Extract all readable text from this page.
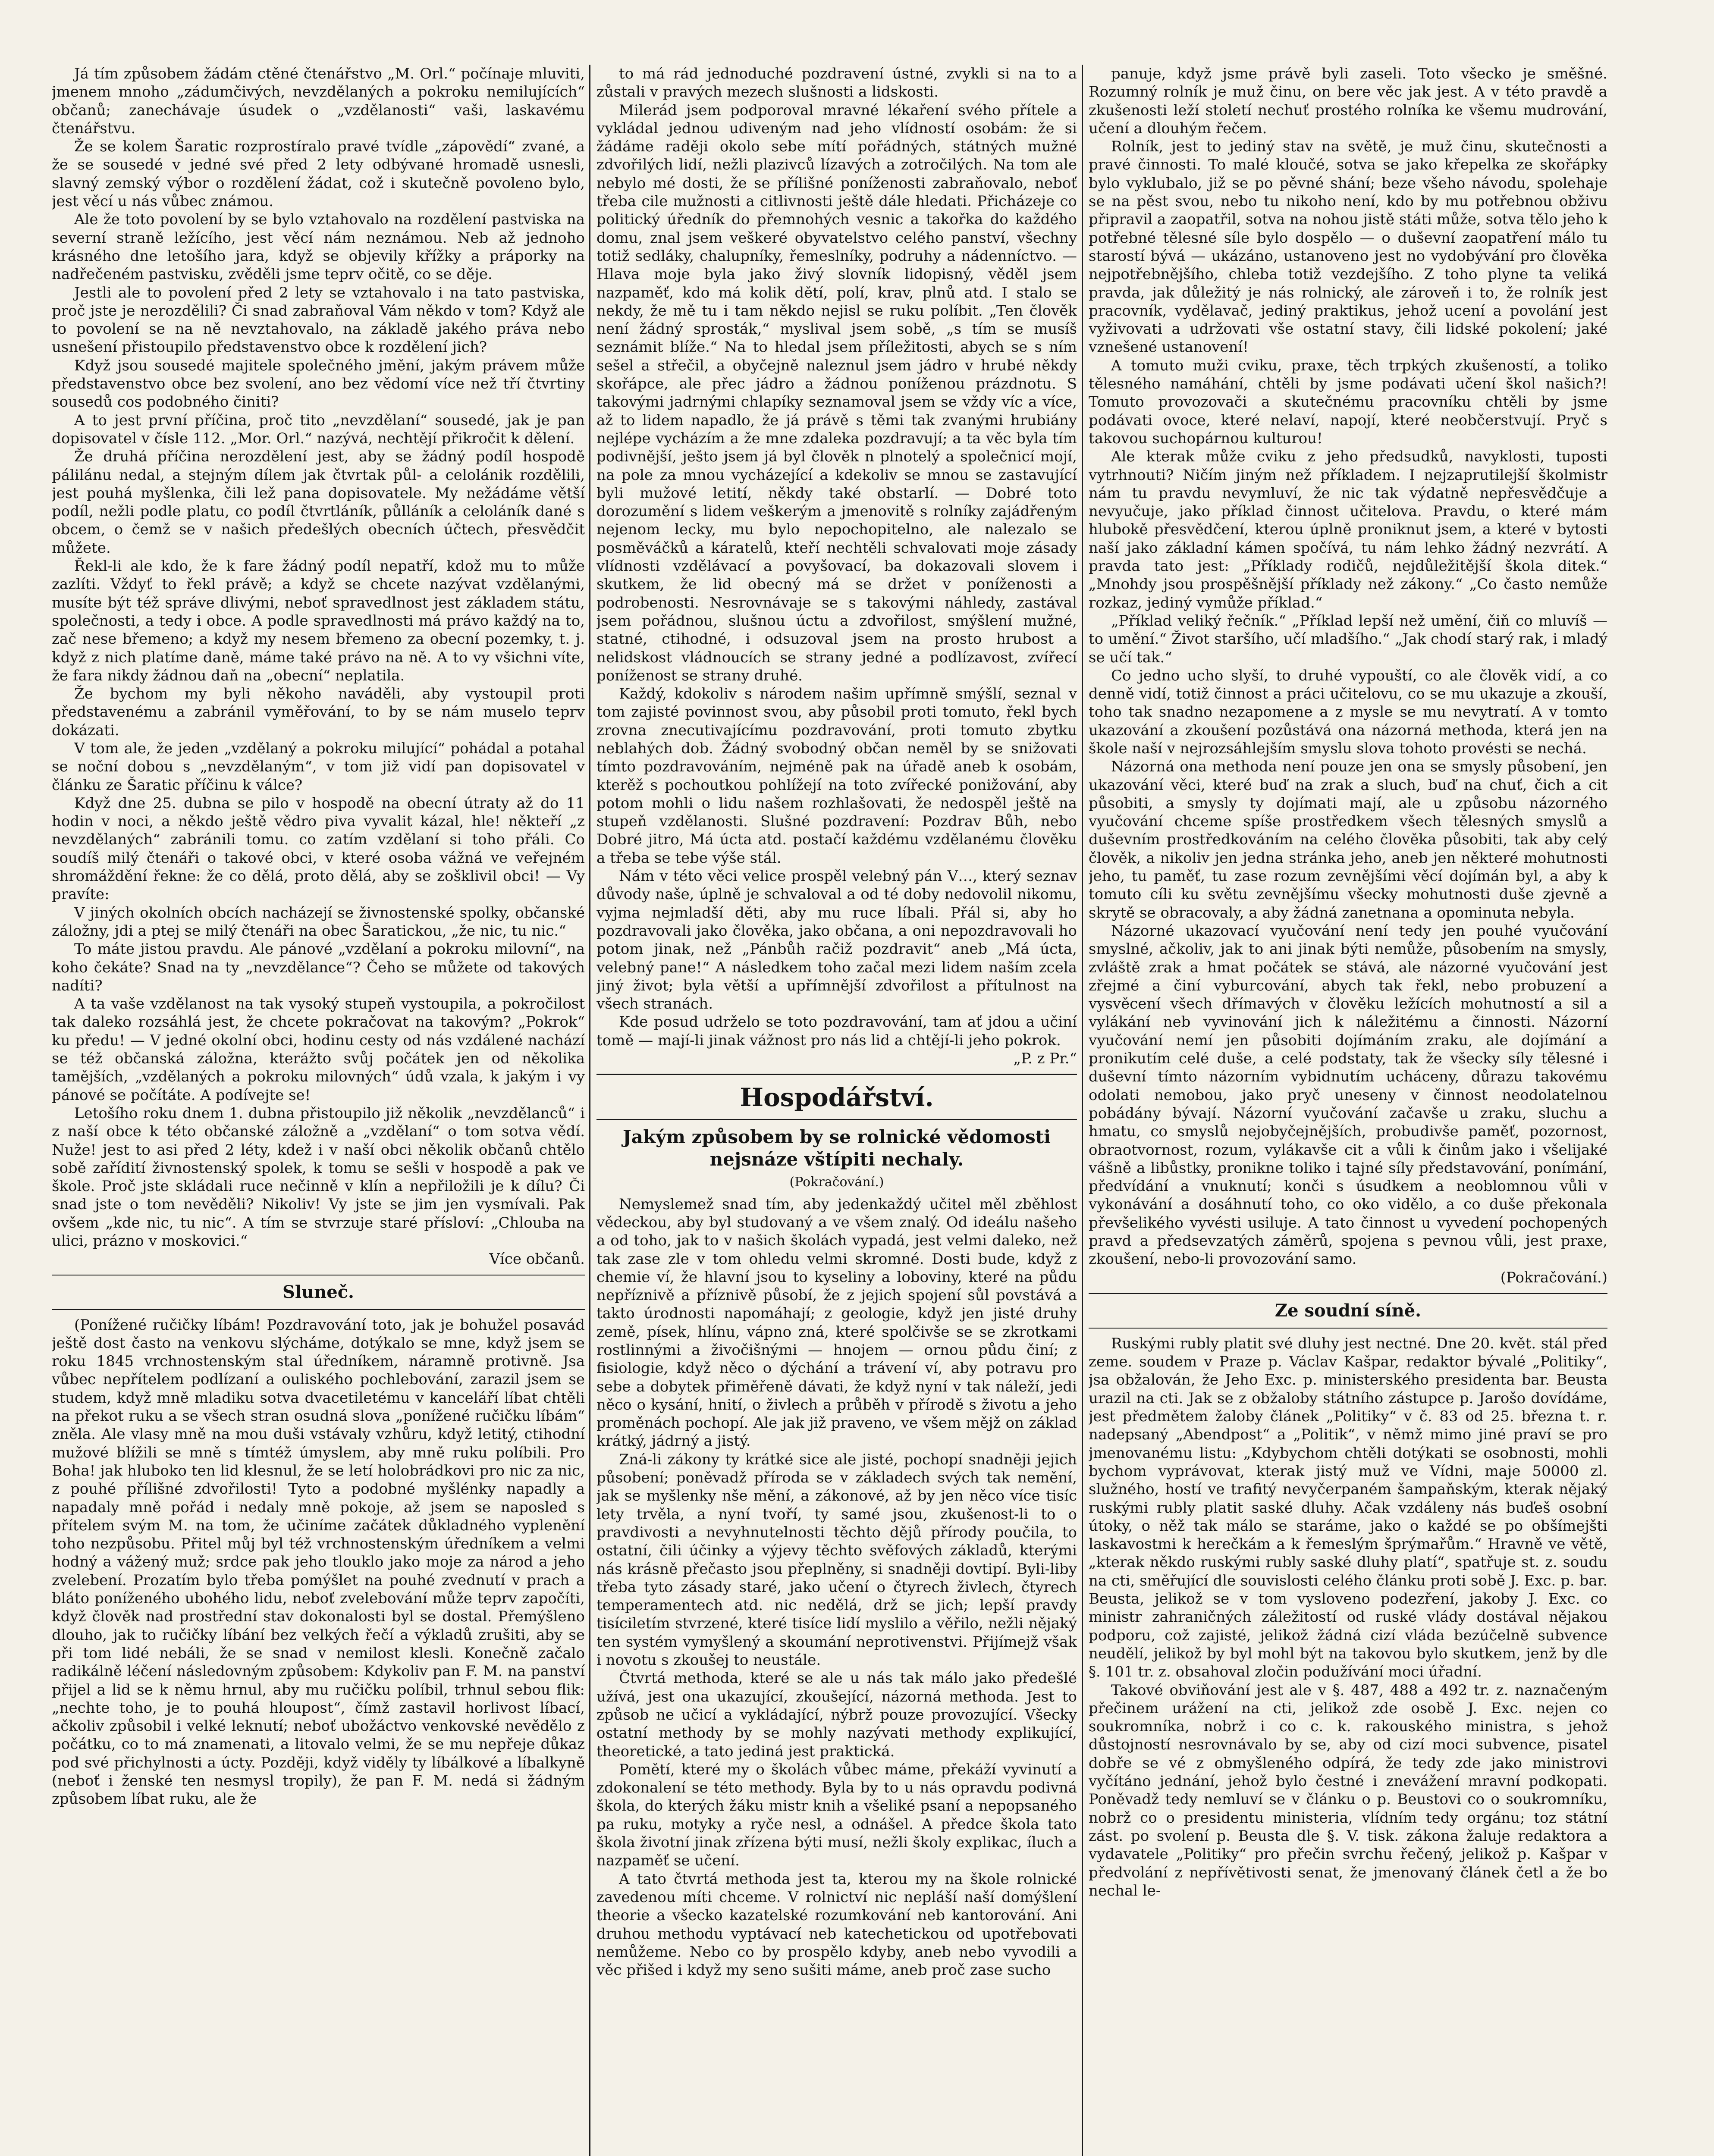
Já tím způsobem žádám ctěné čtenářstvo „M. Orl.“ počínaje mluviti, jmenem mnoho „zádumčivých, nevzdělaných a pokroku nemilujících“ občanů; zanechávaje úsudek o „vzdělanosti“ vaši, laskavému čtenářstvu.

Že se kolem Šaratic rozprostíralo pravé tvídle „zápovědí“ zvané, a že se sousedé v jedné své před 2 lety odbývané hromadě usnesli, slavný zemský výbor o rozdělení žádat, což i skutečně povoleno bylo, jest věcí u nás vůbec známou.

Ale že toto povolení by se bylo vztahovalo na rozdělení pastviska na severní straně ležícího, jest věcí nám neznámou. Neb až jednoho krásného dne letošího jara, když se objevily křížky a práporky na nadřečeném pastvisku, zvěděli jsme teprv očitě, co se děje.

Jestli ale to povolení před 2 lety se vztahovalo i na tato pastviska, proč jste je nerozdělili? Či snad zabraňoval Vám někdo v tom? Když ale to povolení se na ně nevztahovalo, na základě jakého práva nebo usnešení přistoupilo představenstvo obce k rozdělení jich?

Když jsou sousedé majitele společného jmění, jakým právem může představenstvo obce bez svolení, ano bez vědomí více než tří čtvrtiny sousedů cos podobného činiti?

A to jest první příčina, proč tito „nevzdělaní“ sousedé, jak je pan dopisovatel v čísle 112. „Mor. Orl.“ nazývá, nechtějí přikročit k dělení.

Že druhá příčina nerozdělení jest, aby se žádný podíl hospodě pálilánu nedal, a stejným dílem jak čtvrtak půl- a celolánik rozdělili, jest pouhá myšlenka, čili lež pana dopisovatele. My nežádáme větší podíl, nežli podle platu, co podíl čtvrtláník, půlláník a celoláník dané s obcem, o čemž se v našich předešlých obecních účtech, přesvědčit můžete.

Řekl-li ale kdo, že k fare žádný podíl nepatří, kdož mu to může zazlíti. Vždyť to řekl právě; a když se chcete nazývat vzdělanými, musíte být též správe dlivými, neboť spravedlnost jest základem státu, společnosti, a tedy i obce. A podle spravedlnosti má právo každý na to, zač nese břemeno; a když my nesem břemeno za obecní pozemky, t. j. když z nich platíme daně, máme také právo na ně. A to vy všichni víte, že fara nikdy žádnou daň na „obecní“ neplatila.

Že bychom my byli někoho naváděli, aby vystoupil proti představenému a zabránil vyměřování, to by se nám muselo teprv dokázati.

V tom ale, že jeden „vzdělaný a pokroku milující“ pohádal a potahal se noční dobou s „nevzdělaným“, v tom již vidí pan dopisovatel v článku ze Šaratic příčinu k válce?

Když dne 25. dubna se pilo v hospodě na obecní útraty až do 11 hodin v noci, a někdo ještě vědro piva vyvalit kázal, hle! někteří „z nevzdělaných“ zabránili tomu. co zatím vzdělaní si toho přáli. Co soudíš milý čtenáři o takové obci, v které osoba vážná ve veřejném shromáždění řekne: že co dělá, proto dělá, aby se zošklivil obci! — Vy pravíte:

V jiných okolních obcích nacházejí se živnostenské spolky, občanské záložny, jdi a ptej se milý čtenáři na obec Šaratickou, „že nic, tu nic.“

To máte jistou pravdu. Ale pánové „vzdělaní a pokroku milovní“, na koho čekáte? Snad na ty „nevzdělance“? Čeho se můžete od takových nadíti?

A ta vaše vzdělanost na tak vysoký stupeň vystoupila, a pokročilost tak daleko rozsáhlá jest, že chcete pokračovat na takovým? „Pokrok“ ku předu! — V jedné okolní obci, hodinu cesty od nás vzdálené nachází se též občanská záložna, kterážto svůj počátek jen od několika tamějších, „vzdělaných a pokroku milovných“ údů vzala, k jakým i vy pánové se počítáte. A podívejte se!

Letošího roku dnem 1. dubna přistoupilo již několik „nevzdělanců“ i z naší obce k této občanské záložně a „vzdělaní“ o tom sotva vědí. Nuže! jest to asi před 2 léty, kdež i v naší obci několik občanů chtělo sobě zařídití živnostenský spolek, k tomu se sešli v hospodě a pak ve škole. Proč jste skládali ruce nečinně v klín a nepřiložili je k dílu? Či snad jste o tom nevěděli? Nikoliv! Vy jste se jim jen vysmívali. Pak ovšem „kde nic, tu nic“. A tím se stvrzuje staré přísloví: „Chlouba na ulici, prázno v moskovici.“

Více občanů.

Sluneč.

(Ponížené ručičky líbám! Pozdravování toto, jak je bohužel posavád ještě dost často na venkovu slýcháme, dotýkalo se mne, když jsem se roku 1845 vrchnostenským stal úředníkem, náramně protivně. Jsa vůbec nepřítelem podlízaní a ouliského pochlebování, zarazil jsem se studem, když mně mladiku sotva dvacetiletému v kanceláří líbat chtěli na překot ruku a se všech stran osudná slova „ponížené ručičku líbám“ zněla. Ale vlasy mně na mou duši vstávaly vzhůru, když letitý, ctihodní mužové blížili se mně s tímtéž úmyslem, aby mně ruku políbili. Pro Boha! jak hluboko ten lid klesnul, že se letí holobrádkovi pro nic za nic, z pouhé přílišné zdvořilosti! Tyto a podobné myšlénky napadly a napadaly mně pořád i nedaly mně pokoje, až jsem se naposled s přítelem svým M. na tom, že učiníme začátek důkladného vyplenění toho nezpůsobu. Přitel můj byl též vrchnostenským úředníkem a velmi hodný a vážený muž; srdce pak jeho tlouklo jako moje za národ a jeho zvelebení. Prozatím bylo třeba pomýšlet na pouhé zvednutí v prach a bláto poníženého ubohého lidu, neboť zvelebování může teprv započíti, když člověk nad prostřední stav dokonalosti byl se dostal. Přemýšleno dlouho, jak to ručičky líbání bez velkých řečí a výkladů zrušiti, aby se při tom lidé nebáli, že se snad v nemilost klesli. Konečně začalo radikálně léčení následovným způsobem: Kdykoliv pan F. M. na panství přijel a lid se k němu hrnul, aby mu ručičku políbil, trhnul sebou flik: „nechte toho, je to pouhá hloupost“, čímž zastavil horlivost líbací, ačkoliv způsobil i velké leknutí; neboť ubožáctvo venkovské nevědělo z počátku, co to má znamenati, a litovalo velmi, že se mu nepřeje důkaz pod své přichylnosti a úcty. Později, když viděly ty líbálkové a líbalkyně (neboť i ženské ten nesmysl tropily), že pan F. M. nedá si žádným způsobem líbat ruku, ale že

to má rád jednoduché pozdravení ústné, zvykli si na to a zůstali v pravých mezech slušnosti a lidskosti.

Milerád jsem podporoval mravné lékaření svého přítele a vykládal jednou udiveným nad jeho vlídností osobám: že si žádáme raději okolo sebe mítí pořádných, státných mužné zdvořilých lidí, nežli plazivců lízavých a zotročilých. Na tom ale nebylo mé dosti, že se přílišné poníženosti zabraňovalo, neboť třeba cile mužnosti a citlivnosti ještě dále hledati. Přicházeje co politický úředník do přemnohých vesnic a takořka do každého domu, znal jsem veškeré obyvatelstvo celého panství, všechny totiž sedláky, chalupníky, řemeslníky, podruhy a nádenníctvo. — Hlava moje byla jako živý slovník lidopisný, věděl jsem nazpaměť, kdo má kolik dětí, polí, krav, plnů atd. I stalo se nekdy, že mě tu i tam někdo nejisl se ruku políbit. „Ten člověk není žádný sprosták,“ myslival jsem sobě, „s tím se musíš seznámit blíže.“ Na to hledal jsem příležitosti, abych se s ním sešel a střečil, a obyčejně naleznul jsem jádro v hrubé někdy skořápce, ale přec jádro a žádnou poníženou prázdnotu. S takovými jadrnými chlapíky seznamoval jsem se vždy víc a více, až to lidem napadlo, že já právě s těmi tak zvanými hrubiány nejlépe vycházím a že mne zdaleka pozdravují; a ta věc byla tím podivnější, ješto jsem já byl člověk n plnotelý a společnicí mojí, na pole za mnou vycházející a kdekoliv se mnou se zastavující byli mužové letití, někdy také obstarlí. — Dobré toto dorozumění s lidem veškerým a jmenovitě s rolníky zajádřeným nejenom lecky, mu bylo nepochopitelno, ale nalezalo se posměváčků a káratelů, kteří nechtěli schvalovati moje zásady vlídnosti vzdělávací a povyšovací, ba dokazovali slovem i skutkem, že lid obecný má se držet v poníženosti a podrobenosti. Nesrovnávaje se s takovými náhledy, zastával jsem pořádnou, slušnou úctu a zdvořilost, smýšlení mužné, statné, ctihodné, i odsuzoval jsem na prosto hrubost a nelidskost vládnoucích se strany jedné a podlízavost, zvířecí poníženost se strany druhé.

Každý, kdokoliv s národem našim upřímně smýšlí, seznal v tom zajisté povinnost svou, aby působil proti tomuto, řekl bych zrovna znecutivajícímu pozdravování, proti tomuto zbytku neblahých dob. Žádný svobodný občan neměl by se snižovati tímto pozdravováním, nejméně pak na úřadě aneb k osobám, kterěž s pochoutkou pohlížejí na toto zvířecké ponižování, aby potom mohli o lidu našem rozhlašovati, že nedospěl ještě na stupeň vzdělanosti. Slušné pozdravení: Pozdrav Bůh, nebo Dobré jitro, Má úcta atd. postačí každému vzdělanému člověku a třeba se tebe výše stál.

Nám v této věci velice prospěl velebný pán V…, který seznav důvody naše, úplně je schvaloval a od té doby nedovolil nikomu, vyjma nejmladší děti, aby mu ruce líbali. Přál si, aby ho pozdravovali jako člověka, jako občana, a oni nepozdravovali ho potom jinak, než „Pánbůh račiž pozdravit“ aneb „Má úcta, velebný pane!“ A následkem toho začal mezi lidem naším zcela jiný život; byla větší a upřímnější zdvořilost a přítulnost na všech stranách.

Kde posud udrželo se toto pozdravování, tam ať jdou a učiní tomě — mají-li jinak vážnost pro nás lid a chtějí-li jeho pokrok.

„P. z Pr.“

Hospodářství.

Jakým způsobem by se rolnické vědomosti nejsnáze vštípiti nechaly.

(Pokračování.)

Nemyslemež snad tím, aby jedenkaždý učitel měl zběhlost vědeckou, aby byl studovaný a ve všem znalý. Od ideálu našeho a od toho, jak to v našich školách vypadá, jest velmi daleko, než tak zase zle v tom ohledu velmi skromné. Dosti bude, když z chemie ví, že hlavní jsou to kyseliny a loboviny, které na půdu nepříznivě a příznivě působí, že z jejich spojení sůl povstává a takto úrodnosti napomáhají; z geologie, když jen jisté druhy země, písek, hlínu, vápno zná, které spolčivše se se zkrotkami rostlinnými a živočišnými — hnojem — ornou půdu činí; z fisiologie, když něco o dýchání a trávení ví, aby potravu pro sebe a dobytek přiměřeně dávati, že když nyní v tak náleží, jedi něco o kysání, hnití, o živlech a průběh v přírodě s životu a jeho proměnách pochopí. Ale jak již praveno, ve všem mějž on základ krátký, jádrný a jistý.

Zná-li zákony ty krátké sice ale jisté, pochopí snadněji jejich působení; poněvadž příroda se v základech svých tak nemění, jak se myšlenky nše mění, a zákonové, až by jen něco více tisíc lety trvěla, a nyní tvoří, ty samé jsou, zkušenost-li to o pravdivosti a nevyhnutelnosti těchto dějů přírody poučila, to ostatní, čili účinky a výjevy těchto svěfových základů, kterými nás krásně přečasto jsou přeplněny, si snadněji dovtipí. Byli-liby třeba tyto zásady staré, jako učení o čtyrech živlech, čtyrech temperamentech atd. nic nedělá, drž se jich; lepší pravdy tisíciletím stvrzené, které tisíce lidí myslilo a věřilo, nežli nějaký ten systém vymyšlený a skoumání neprotivenstvi. Přijímejž však i novotu s zkoušej to neustále.

Čtvrtá methoda, které se ale u nás tak málo jako předešlé užívá, jest ona ukazující, zkoušející, názorná methoda. Jest to způsob ne učicí a vykládající, nýbrž pouze provozující. Všecky ostatní methody by se mohly nazývati methody explikující, theoretické, a tato jediná jest praktická.

Pomětí, které my o školách vůbec máme, překáží vyvinutí a zdokonalení se této methody. Byla by to u nás opravdu podivná škola, do kterých žáku mistr knih a všeliké psaní a nepopsaného pa ruku, motyky a ryče nesl, a odnášel. A předce škola tato škola životní jinak zřízena býti musí, nežli školy explikac, íluch a nazpaměť se učení.

A tato čtvrtá methoda jest ta, kterou my na škole rolnické zavedenou míti chceme. V rolnictví nic nepláší naší domýšlení theorie a všecko kazatelské rozumkování neb kantorování. Ani druhou methodu vyptávací neb katechetickou od upotřebovati nemůžeme. Nebo co by prospělo kdyby, aneb nebo vyvodili a věc přišed i když my seno sušiti máme, aneb proč zase sucho

panuje, když jsme právě byli zaseli. Toto všecko je směšné. Rozumný rolník je muž činu, on bere věc jak jest. A v této pravdě a zkušenosti leží století nechuť prostého rolníka ke všemu mudrování, učení a dlouhým řečem.

Rolník, jest to jediný stav na světě, je muž činu, skutečnosti a pravé činnosti. To malé kloučé, sotva se jako křepelka ze skořápky bylo vyklubalo, již se po pěvné shání; beze všeho návodu, spolehaje se na pěst svou, nebo tu nikoho není, kdo by mu potřebnou obživu připravil a zaopatřil, sotva na nohou jistě státi může, sotva tělo jeho k potřebné tělesné síle bylo dospělo — o duševní zaopatření málo tu starostí bývá — ukázáno, ustanoveno jest no vydobývání pro člověka nejpotřebnějšího, chleba totiž vezdejšího. Z toho plyne ta veliká pravda, jak důležitý je nás rolnický, ale zároveň i to, že rolník jest pracovník, vydělavač, jediný praktikus, jehož ucení a povolání jest vyživovati a udržovati vše ostatní stavy, čili lidské pokolení; jaké vznešené ustanovení!

A tomuto muži cviku, praxe, těch trpkých zkušeností, a toliko tělesného namáhání, chtěli by jsme podávati učení škol našich?! Tomuto provozovači a skutečnému pracovníku chtěli by jsme podávati ovoce, které nelaví, napojí, které neobčerstvují. Pryč s takovou suchopárnou kulturou!

Ale kterak může cviku z jeho předsudků, navyklosti, tuposti vytrhnouti? Ničím jiným než příkladem. I nejzaprutilejší školmistr nám tu pravdu nevymluví, že nic tak výdatně nepřesvědčuje a nevyučuje, jako příklad činnost učitelova. Pravdu, o které mám hlubokě přesvědčení, kterou úplně proniknut jsem, a které v bytosti naší jako základní kámen spočívá, tu nám lehko žádný nezvrátí. A pravda tato jest: „Příklady rodičů, nejdůležitější škola ditek.“ „Mnohdy jsou prospěšnější příklady než zákony.“ „Co často nemůže rozkaz, jediný vymůže příklad.“

„Příklad veliký řečník.“ „Příklad lepší než umění, čiň co mluvíš — to umění.“ Život staršího, učí mladšího.“ „Jak chodí starý rak, i mladý se učí tak.“

Co jedno ucho slyší, to druhé vypouští, co ale člověk vidí, a co denně vidí, totiž činnost a práci učitelovu, co se mu ukazuje a zkouší, toho tak snadno nezapomene a z mysle se mu nevytratí. A v tomto ukazování a zkoušení pozůstává ona názorná methoda, která jen na škole naší v nejrozsáhlejším smyslu slova tohoto provésti se nechá.

Názorná ona methoda není pouze jen ona se smysly působení, jen ukazování věci, které buď na zrak a sluch, buď na chuť, čich a cit působiti, a smysly ty dojímati mají, ale u způsobu názorného vyučování chceme spíše prostředkem všech tělesných smyslů a duševním prostředkováním na celého člověka působiti, tak aby celý člověk, a nikoliv jen jedna stránka jeho, aneb jen některé mohutnosti jeho, tu paměť, tu zase rozum zevnějšími věcí dojímán byl, a aby k tomuto cíli ku světu zevnějšímu všecky mohutnosti duše zjevně a skrytě se obracovaly, a aby žádná zanetnana a opominuta nebyla.

Názorné ukazovací vyučování není tedy jen pouhé vyučování smyslné, ačkoliv, jak to ani jinak býti nemůže, působením na smysly, zvláště zrak a hmat počátek se stává, ale názorné vyučování jest zřejmé a činí vyburcování, abych tak řekl, nebo probuzení a vysvěcení všech dřímavých v člověku ležících mohutností a sil a vylákání neb vyvinování jich k náležitému a činnosti. Názorní vyučování nemí jen působiti dojímáním zraku, ale dojímání a pronikutím celé duše, a celé podstaty, tak že všecky síly tělesné i duševní tímto názorním vybidnutím ucháceny, důrazu takovému odolati nemobou, jako pryč uneseny v činnost neodolatelnou pobádány bývají. Názorní vyučování začavše u zraku, sluchu a hmatu, co smyslů nejobyčejnějších, probudivše paměť, pozornost, obraotvornost, rozum, vylákavše cit a vůli k činům jako i všelijaké vášně a libůstky, pronikne toliko i tajné síly představování, ponímání, předvídání a vnuknutí; konči s úsudkem a neoblomnou vůli v vykonávání a dosáhnutí toho, co oko vidělo, a co duše překonala převšelikého vyvésti usiluje. A tato činnost u vyvedení pochopených pravd a předsevzatých záměrů, spojena s pevnou vůli, jest praxe, zkoušení, nebo-li provozování samo.

(Pokračování.)

Ze soudní síně.

Ruskými rubly platit své dluhy jest nectné. Dne 20. květ. stál před zeme. soudem v Praze p. Václav Kašpar, redaktor bývalé „Politiky“, jsa obžalován, že Jeho Exc. p. ministerského presidenta bar. Beusta urazil na cti. Jak se z obžaloby státního zástupce p. Jarošo dovídáme, jest předmětem žaloby článek „Politiky“ v č. 83 od 25. března t. r. nadepsaný „Abendpost“ a „Politik“, v němž mimo jiné praví se pro jmenovanému listu: „Kdybychom chtěli dotýkati se osobnosti, mohli bychom vyprávovat, kterak jistý muž ve Vídni, maje 50000 zl. služného, hostí ve trafitý nevyčerpaném šampaňským, kterak nějaký ruskými rubly platit saské dluhy. Ačak vzdáleny nás buďeš osobní útoky, o něž tak málo se staráme, jako o každé se po obšímejšti laskavostmi k herečkám a k řemeslým šprýmařům.“ Hravně ve větě, „kterak někdo ruskými rubly saské dluhy platí“, spatřuje st. z. soudu na cti, směřující dle souvislosti celého článku proti sobě J. Exc. p. bar. Beusta, jelikož se v tom vysloveno podezření, jakoby J. Exc. co ministr zahraničných záležitostí od ruské vlády dostával nějakou podporu, což zajisté, jelikož žádná cizí vláda bezúčelně subvence neudělí, jelikož by byl mohl být na takovou bylo skutkem, jenž by dle §. 101 tr. z. obsahoval zločin podužívání moci úřadní.

Takové obviňování jest ale v §. 487, 488 a 492 tr. z. naznačeným přečinem urážení na cti, jelikož zde osobě J. Exc. nejen co soukromníka, nobrž i co c. k. rakouského ministra, s jehož důstojností nesrovnávalo by se, aby od cizí moci subvence, pisatel dobře se vé z obmyšleného odpírá, že tedy zde jako ministrovi vyčítáno jednání, jehož bylo čestné i znevážení mravní podkopati. Poněvadž tedy nemluví se v článku o p. Beustovi co o soukromníku, nobrž co o presidentu ministeria, vlídním tedy orgánu; toz státní zást. po svolení p. Beusta dle §. V. tisk. zákona žaluje redaktora a vydavatele „Politiky“ pro přečin svrchu řečený, jelikož p. Kašpar v předvolání z nepřívětivosti senat, že jmenovaný článek četl a že bo nechal le-
